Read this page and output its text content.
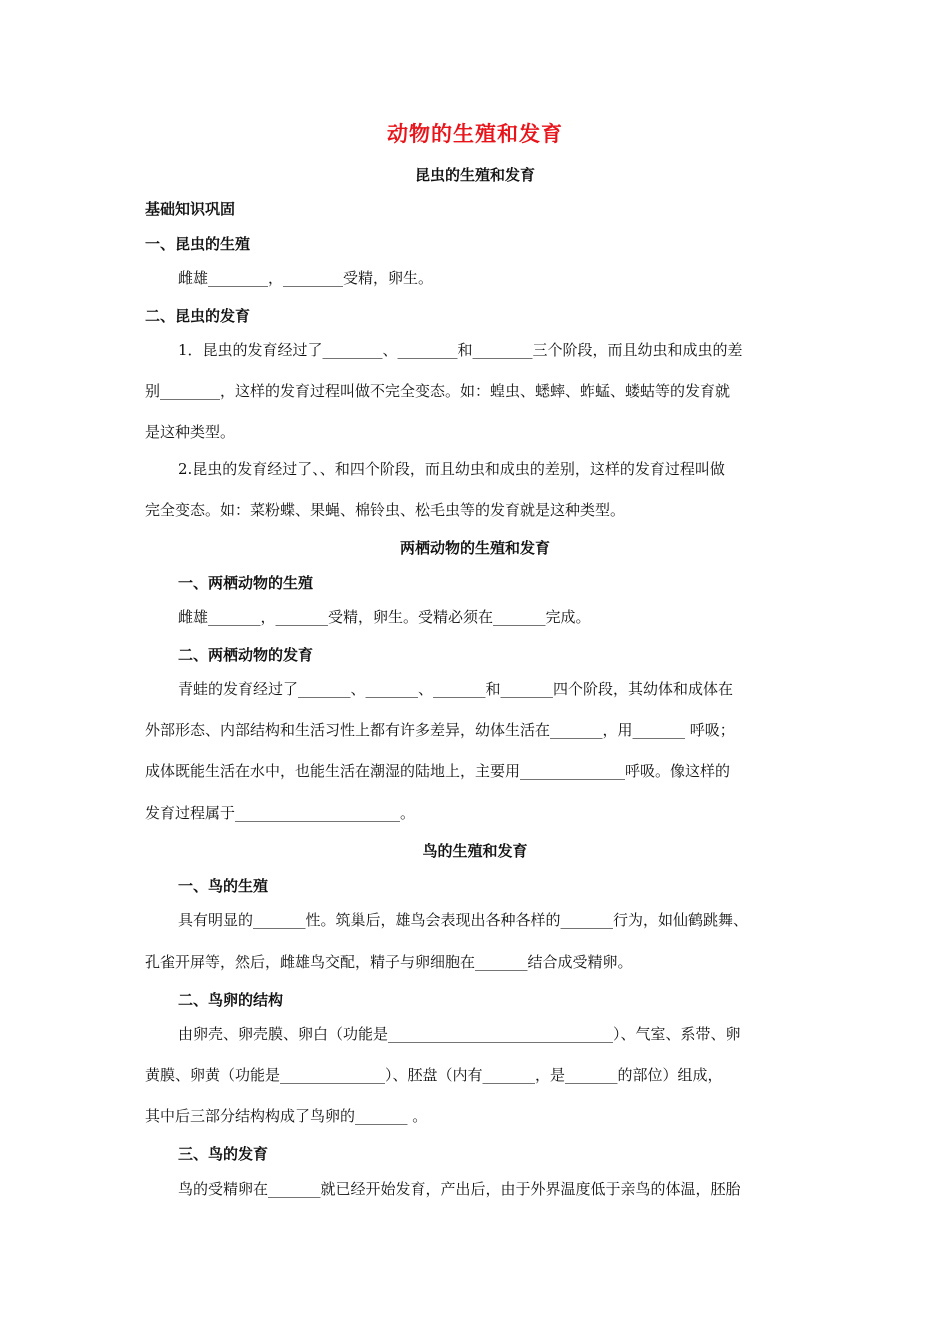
动物的生殖和发育
昆虫的生殖和发育
基础知识巩固
一、昆虫的生殖
雌雄________，________受精，卵生。
二、昆虫的发育
1．昆虫的发育经过了________、________和________三个阶段，而且幼虫和成虫的差
别________，这样的发育过程叫做不完全变态。如：蝗虫、蟋蟀、蚱蜢、蝼蛄等的发育就
是这种类型。
2.昆虫的发育经过了、、和四个阶段，而且幼虫和成虫的差别，这样的发育过程叫做
完全变态。如：菜粉蝶、果蝇、棉铃虫、松毛虫等的发育就是这种类型。
两栖动物的生殖和发育
一、两栖动物的生殖
雌雄_______，_______受精，卵生。受精必须在_______完成。
二、两栖动物的发育
青蛙的发育经过了_______、_______、_______和_______四个阶段，其幼体和成体在
外部形态、内部结构和生活习性上都有许多差异，幼体生活在_______，用_______ 呼吸；
成体既能生活在水中，也能生活在潮湿的陆地上，主要用______________呼吸。像这样的
发育过程属于______________________。
鸟的生殖和发育
一、鸟的生殖
具有明显的_______性。筑巢后，雄鸟会表现出各种各样的_______行为，如仙鹤跳舞、
孔雀开屏等，然后，雌雄鸟交配，精子与卵细胞在_______结合成受精卵。
二、鸟卵的结构
由卵壳、卵壳膜、卵白（功能是______________________________）、气室、系带、卵
黄膜、卵黄（功能是______________）、胚盘（内有_______，是_______的部位）组成，
其中后三部分结构构成了鸟卵的_______ 。
三、鸟的发育
鸟的受精卵在_______就已经开始发育，产出后，由于外界温度低于亲鸟的体温，胚胎
